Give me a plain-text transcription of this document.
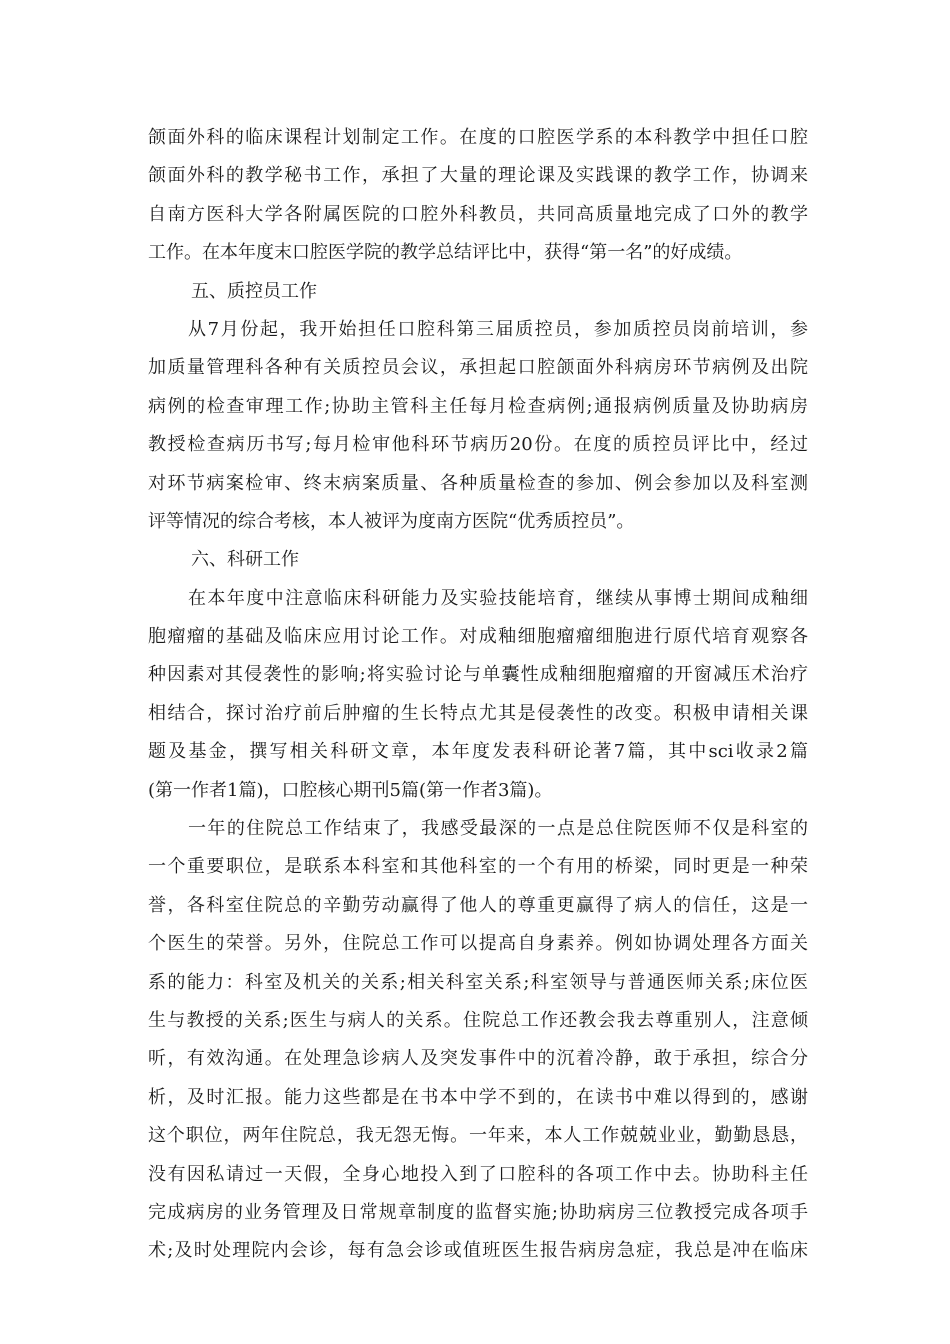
颌面外科的临床课程计划制定工作。在度的口腔医学系的本科教学中担任口腔
颌面外科的教学秘书工作，承担了大量的理论课及实践课的教学工作，协调来
自南方医科大学各附属医院的口腔外科教员，共同高质量地完成了口外的教学
工作。在本年度末口腔医学院的教学总结评比中，获得“第一名”的好成绩。
五、质控员工作
从7月份起，我开始担任口腔科第三届质控员，参加质控员岗前培训，参
加质量管理科各种有关质控员会议，承担起口腔颌面外科病房环节病例及出院
病例的检查审理工作;协助主管科主任每月检查病例;通报病例质量及协助病房
教授检查病历书写;每月检审他科环节病历20份。在度的质控员评比中，经过
对环节病案检审、终末病案质量、各种质量检查的参加、例会参加以及科室测
评等情况的综合考核，本人被评为度南方医院“优秀质控员”。
六、科研工作
在本年度中注意临床科研能力及实验技能培育，继续从事博士期间成釉细
胞瘤瘤的基础及临床应用讨论工作。对成釉细胞瘤瘤细胞进行原代培育观察各
种因素对其侵袭性的影响;将实验讨论与单囊性成釉细胞瘤瘤的开窗减压术治疗
相结合，探讨治疗前后肿瘤的生长特点尤其是侵袭性的改变。积极申请相关课
题及基金，撰写相关科研文章，本年度发表科研论著7篇，其中sci收录2篇
(第一作者1篇)，口腔核心期刊5篇(第一作者3篇)。
一年的住院总工作结束了，我感受最深的一点是总住院医师不仅是科室的
一个重要职位，是联系本科室和其他科室的一个有用的桥梁，同时更是一种荣
誉，各科室住院总的辛勤劳动赢得了他人的尊重更赢得了病人的信任，这是一
个医生的荣誉。另外，住院总工作可以提高自身素养。例如协调处理各方面关
系的能力：科室及机关的关系;相关科室关系;科室领导与普通医师关系;床位医
生与教授的关系;医生与病人的关系。住院总工作还教会我去尊重别人，注意倾
听，有效沟通。在处理急诊病人及突发事件中的沉着冷静，敢于承担，综合分
析，及时汇报。能力这些都是在书本中学不到的，在读书中难以得到的，感谢
这个职位，两年住院总，我无怨无悔。一年来，本人工作兢兢业业，勤勤恳恳，
没有因私请过一天假，全身心地投入到了口腔科的各项工作中去。协助科主任
完成病房的业务管理及日常规章制度的监督实施;协助病房三位教授完成各项手
术;及时处理院内会诊，每有急会诊或值班医生报告病房急症，我总是冲在临床
